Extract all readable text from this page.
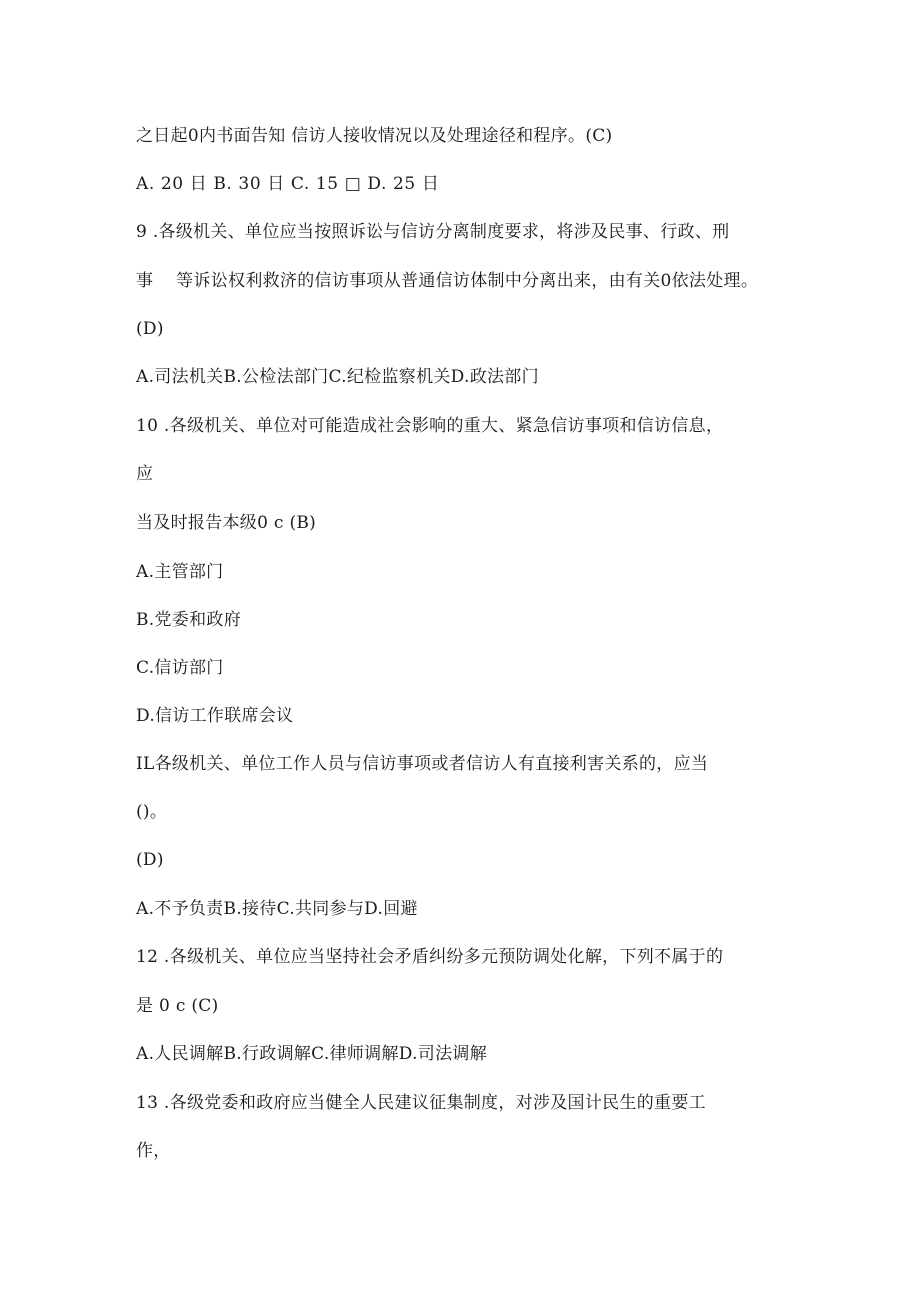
之日起0内书面告知 信访人接收情况以及处理途径和程序。(C)
A. 20 日 B. 30 日 C. 15 □ D. 25 日
9 .各级机关、单位应当按照诉讼与信访分离制度要求，将涉及民事、行政、刑
事    等诉讼权利救济的信访事项从普通信访体制中分离出来，由有关0依法处理。
(D)
A.司法机关B.公检法部门C.纪检监察机关D.政法部门
10 .各级机关、单位对可能造成社会影响的重大、紧急信访事项和信访信息，
应
当及时报告本级0 c (B)
A.主管部门
B.党委和政府
C.信访部门
D.信访工作联席会议
IL各级机关、单位工作人员与信访事项或者信访人有直接利害关系的，应当
()。
(D)
A.不予负责B.接待C.共同参与D.回避
12 .各级机关、单位应当坚持社会矛盾纠纷多元预防调处化解，下列不属于的
是 0 c (C)
A.人民调解B.行政调解C.律师调解D.司法调解
13 .各级党委和政府应当健全人民建议征集制度，对涉及国计民生的重要工
作，
